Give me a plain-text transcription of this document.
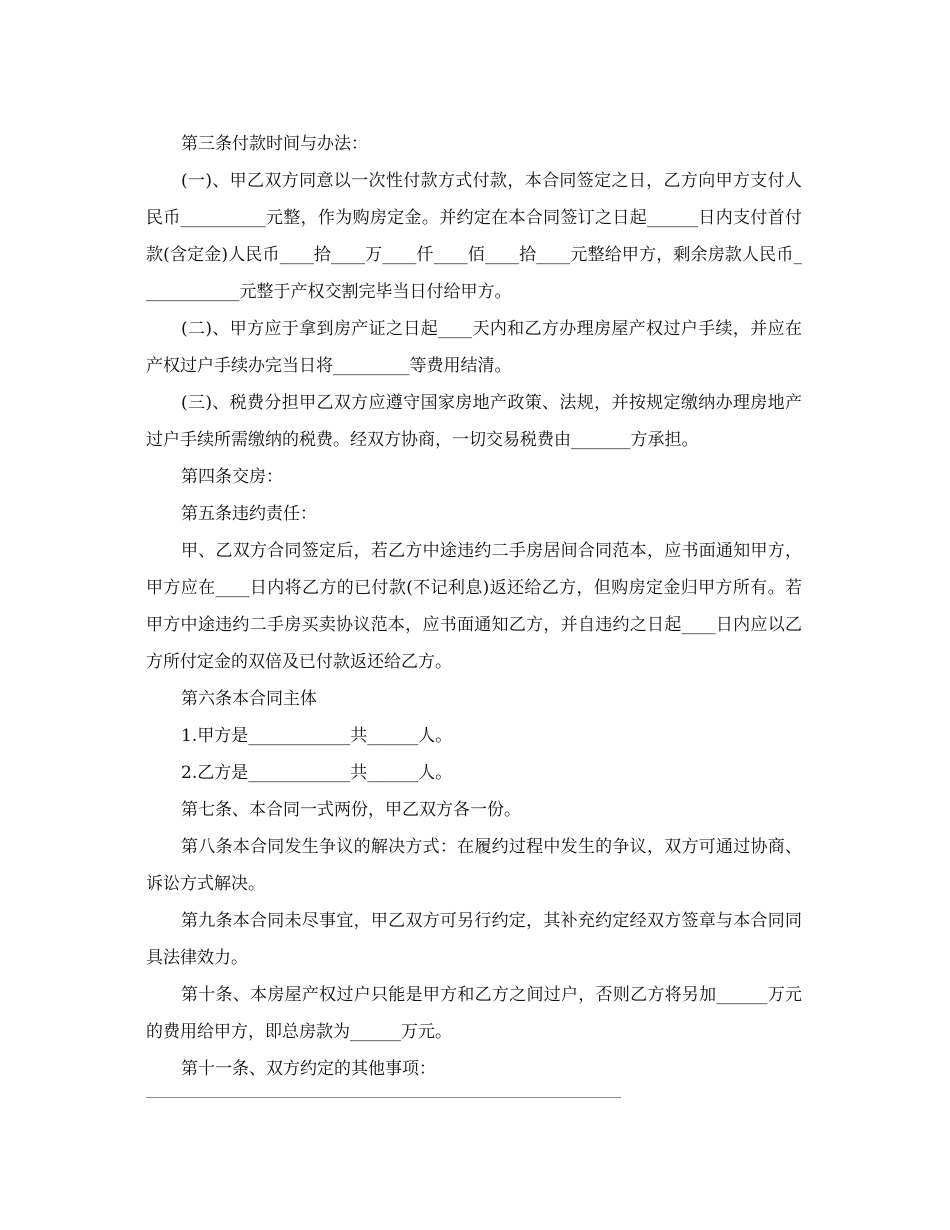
第三条付款时间与办法：

(一)、甲乙双方同意以一次性付款方式付款，本合同签定之日，乙方向甲方支付人民币__________元整，作为购房定金。并约定在本合同签订之日起______日内支付首付款(含定金)人民币____拾____万____仟____佰____拾____元整给甲方，剩余房款人民币____________元整于产权交割完毕当日付给甲方。

(二)、甲方应于拿到房产证之日起____天内和乙方办理房屋产权过户手续，并应在产权过户手续办完当日将_________等费用结清。

(三)、税费分担甲乙双方应遵守国家房地产政策、法规，并按规定缴纳办理房地产过户手续所需缴纳的税费。经双方协商，一切交易税费由_______方承担。

第四条交房：

第五条违约责任：

甲、乙双方合同签定后，若乙方中途违约二手房居间合同范本，应书面通知甲方，甲方应在____日内将乙方的已付款(不记利息)返还给乙方，但购房定金归甲方所有。若甲方中途违约二手房买卖协议范本，应书面通知乙方，并自违约之日起____日内应以乙方所付定金的双倍及已付款返还给乙方。

第六条本合同主体

1.甲方是____________共______人。

2.乙方是____________共______人。

第七条、本合同一式两份，甲乙双方各一份。

第八条本合同发生争议的解决方式：在履约过程中发生的争议，双方可通过协商、诉讼方式解决。

第九条本合同未尽事宜，甲乙双方可另行约定，其补充约定经双方签章与本合同同具法律效力。

第十条、本房屋产权过户只能是甲方和乙方之间过户，否则乙方将另加______万元的费用给甲方，即总房款为______万元。

第十一条、双方约定的其他事项：
